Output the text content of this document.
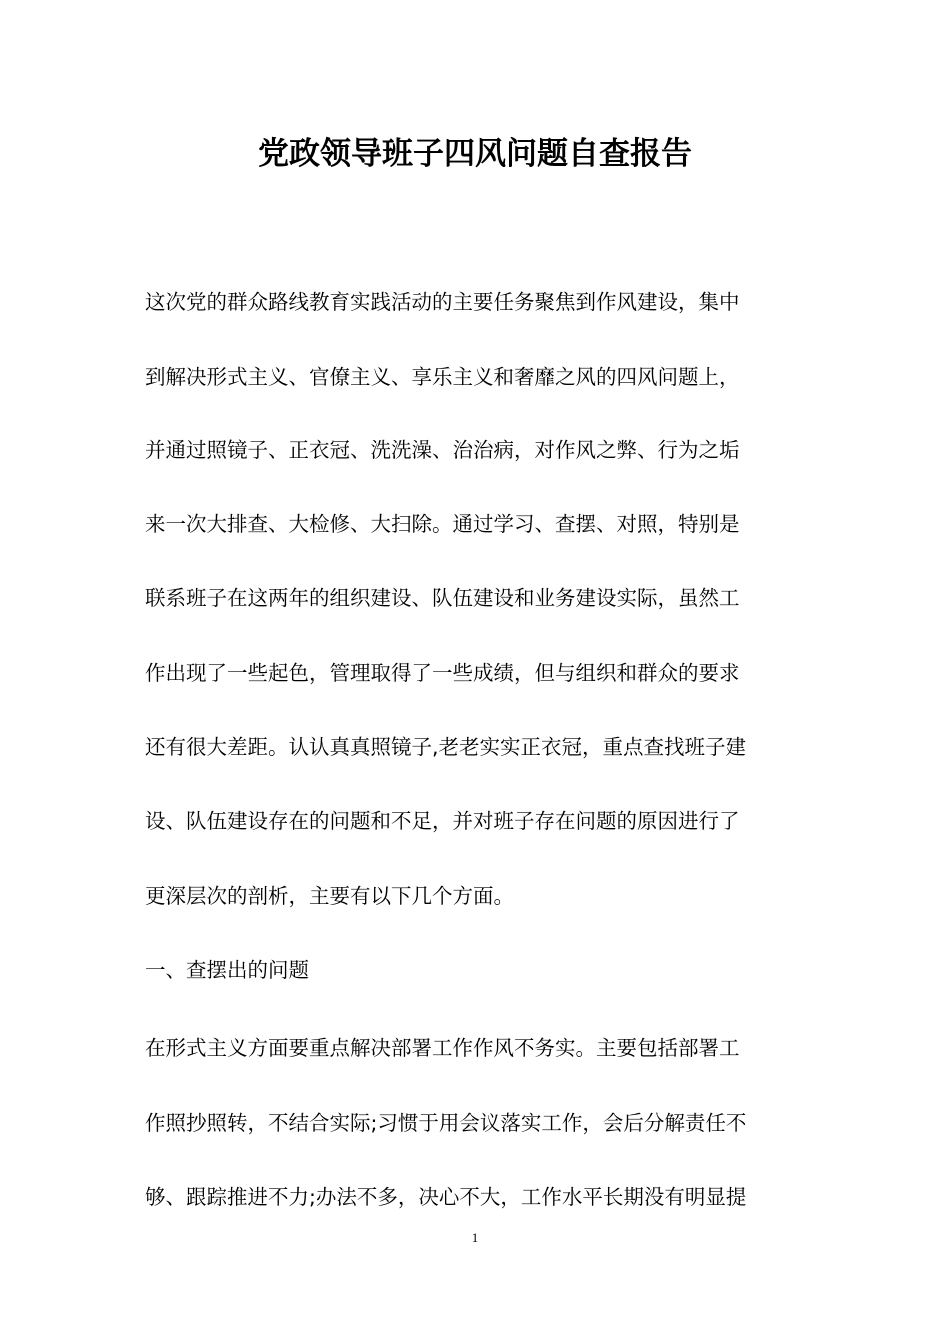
党政领导班子四风问题自查报告
这次党的群众路线教育实践活动的主要任务聚焦到作风建设，集中
到解决形式主义、官僚主义、享乐主义和奢靡之风的四风问题上，
并通过照镜子、正衣冠、洗洗澡、治治病，对作风之弊、行为之垢
来一次大排查、大检修、大扫除。通过学习、查摆、对照，特别是
联系班子在这两年的组织建设、队伍建设和业务建设实际，虽然工
作出现了一些起色，管理取得了一些成绩，但与组织和群众的要求
还有很大差距。认认真真照镜子,老老实实正衣冠，重点查找班子建
设、队伍建设存在的问题和不足，并对班子存在问题的原因进行了
更深层次的剖析，主要有以下几个方面。
一、查摆出的问题
在形式主义方面要重点解决部署工作作风不务实。主要包括部署工
作照抄照转，不结合实际;习惯于用会议落实工作，会后分解责任不
够、跟踪推进不力;办法不多，决心不大，工作水平长期没有明显提
1
